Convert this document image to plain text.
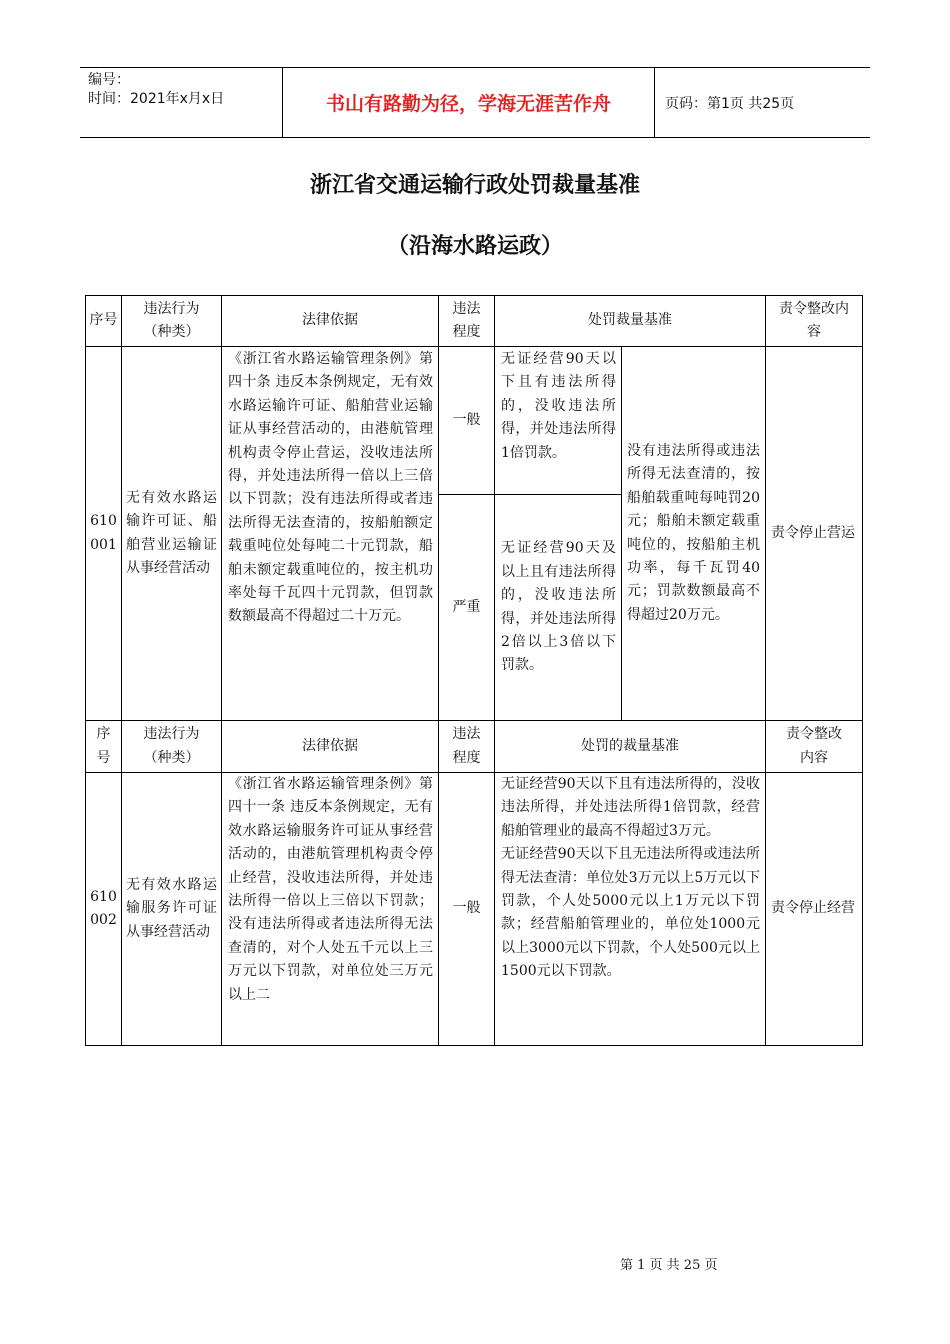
编号：
时间：2021年x月x日	书山有路勤为径，学海无涯苦作舟	页码：第1页 共25页
浙江省交通运输行政处罚裁量基准
（沿海水路运政）
序号
违法行为（种类）
法律依据
违法程度
处罚裁量基准
责令整改内容
610001
无有效水路运输许可证、船舶营业运输证从事经营活动
《浙江省水路运输管理条例》第四十条 违反本条例规定，无有效水路运输许可证、船舶营业运输证从事经营活动的，由港航管理机构责令停止营运，没收违法所得，并处违法所得一倍以上三倍以下罚款；没有违法所得或者违法所得无法查清的，按船舶额定载重吨位处每吨二十元罚款，船舶未额定载重吨位的，按主机功率处每千瓦四十元罚款，但罚款数额最高不得超过二十万元。
一般
严重
无证经营90天以下且有违法所得的，没收违法所得，并处违法所得1倍罚款。
无证经营90天及以上且有违法所得的，没收违法所得，并处违法所得2倍以上3倍以下罚款。
没有违法所得或违法所得无法查清的，按船舶载重吨每吨罚20元；船舶未额定载重吨位的，按船舶主机功率，每千瓦罚40元；罚款数额最高不得超过20万元。
责令停止营运
序号
违法行为（种类）
法律依据
违法程度
处罚的裁量基准
责令整改内容
610002
无有效水路运输服务许可证从事经营活动
《浙江省水路运输管理条例》第四十一条 违反本条例规定，无有效水路运输服务许可证从事经营活动的，由港航管理机构责令停止经营，没收违法所得，并处违法所得一倍以上三倍以下罚款；没有违法所得或者违法所得无法查清的，对个人处五千元以上三万元以下罚款，对单位处三万元以上二
一般
无证经营90天以下且有违法所得的，没收违法所得，并处违法所得1倍罚款，经营船舶管理业的最高不得超过3万元。
无证经营90天以下且无违法所得或违法所得无法查清：单位处3万元以上5万元以下罚款，个人处5000元以上1万元以下罚款；经营船舶管理业的，单位处1000元以上3000元以下罚款，个人处500元以上1500元以下罚款。
责令停止经营
第 1 页 共 25 页
